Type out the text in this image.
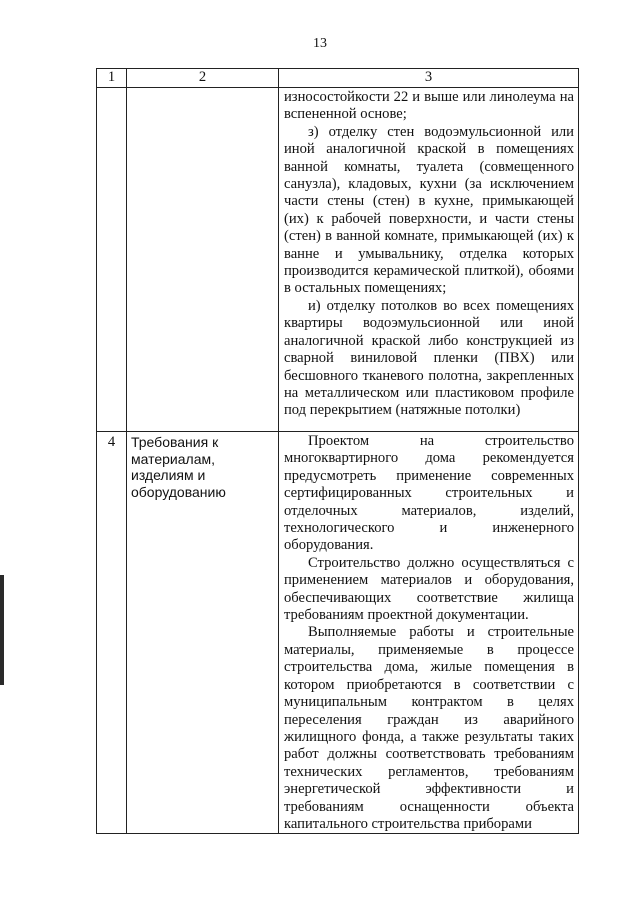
13
1	2	3

		износостойкости 22 и выше или линолеума на вспененной основе;

з) отделку стен водоэмульсионной или иной аналогичной краской в помещениях ванной комнаты, туалета (совмещенного санузла), кладовых, кухни (за исключением части стены (стен) в кухне, примыкающей (их) к рабочей поверхности, и части стены (стен) в ванной комнате, примыкающей (их) к ванне и умывальнику, отделка которых производится керамической плиткой), обоями в остальных помещениях;

и) отделку потолков во всех помещениях квартиры водоэмульсионной или иной аналогичной краской либо конструкцией из сварной виниловой пленки (ПВХ) или бесшовного тканевого полотна, закрепленных на металлическом или пластиковом профиле под перекрытием (натяжные потолки)

4	Требования к материалам, изделиям и оборудованию	Проектом на строительство многоквартирного дома рекомендуется предусмотреть применение современных сертифицированных строительных и отделочных материалов, изделий, технологического и инженерного оборудования.

Строительство должно осуществляться с применением материалов и оборудования, обеспечивающих соответствие жилища требованиям проектной документации.

Выполняемые работы и строительные материалы, применяемые в процессе строительства дома, жилые помещения в котором приобретаются в соответствии с муниципальным контрактом в целях переселения граждан из аварийного жилищного фонда, а также результаты таких работ должны соответствовать требованиям технических регламентов, требованиям энергетической эффективности и требованиям оснащенности объекта капитального строительства приборами
